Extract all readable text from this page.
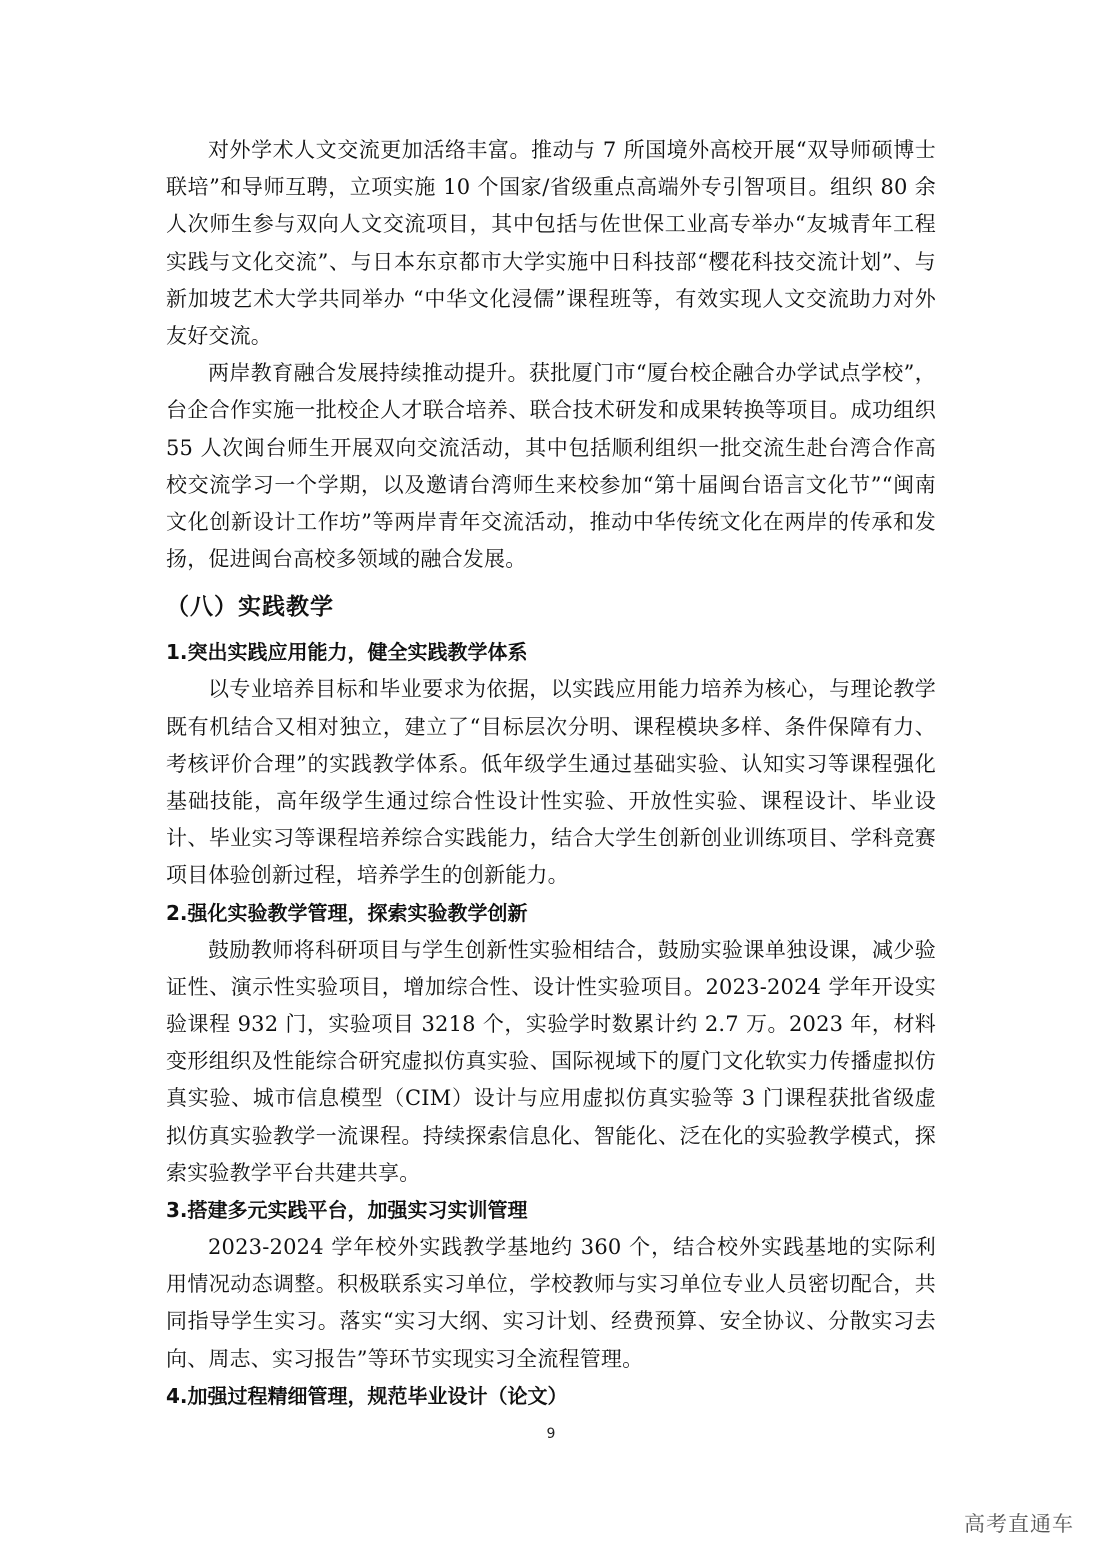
对外学术人文交流更加活络丰富。推动与 7 所国境外高校开展“双导师硕博士联培”和导师互聘，立项实施 10 个国家/省级重点高端外专引智项目。组织 80 余人次师生参与双向人文交流项目，其中包括与佐世保工业高专举办“友城青年工程实践与文化交流”、与日本东京都市大学实施中日科技部“樱花科技交流计划”、与新加坡艺术大学共同举办 “中华文化浸儒”课程班等，有效实现人文交流助力对外友好交流。

两岸教育融合发展持续推动提升。获批厦门市“厦台校企融合办学试点学校”，台企合作实施一批校企人才联合培养、联合技术研发和成果转换等项目。成功组织 55 人次闽台师生开展双向交流活动，其中包括顺利组织一批交流生赴台湾合作高校交流学习一个学期，以及邀请台湾师生来校参加“第十届闽台语言文化节”“闽南文化创新设计工作坊”等两岸青年交流活动，推动中华传统文化在两岸的传承和发扬，促进闽台高校多领域的融合发展。

（八）实践教学
1.突出实践应用能力，健全实践教学体系

以专业培养目标和毕业要求为依据，以实践应用能力培养为核心，与理论教学既有机结合又相对独立，建立了“目标层次分明、课程模块多样、条件保障有力、考核评价合理”的实践教学体系。低年级学生通过基础实验、认知实习等课程强化基础技能，高年级学生通过综合性设计性实验、开放性实验、课程设计、毕业设计、毕业实习等课程培养综合实践能力，结合大学生创新创业训练项目、学科竞赛项目体验创新过程，培养学生的创新能力。

2.强化实验教学管理，探索实验教学创新

鼓励教师将科研项目与学生创新性实验相结合，鼓励实验课单独设课，减少验证性、演示性实验项目，增加综合性、设计性实验项目。2023-2024 学年开设实验课程 932 门，实验项目 3218 个，实验学时数累计约 2.7 万。2023 年，材料变形组织及性能综合研究虚拟仿真实验、国际视域下的厦门文化软实力传播虚拟仿真实验、城市信息模型（CIM）设计与应用虚拟仿真实验等 3 门课程获批省级虚拟仿真实验教学一流课程。持续探索信息化、智能化、泛在化的实验教学模式，探索实验教学平台共建共享。

3.搭建多元实践平台，加强实习实训管理

2023-2024 学年校外实践教学基地约 360 个，结合校外实践基地的实际利用情况动态调整。积极联系实习单位，学校教师与实习单位专业人员密切配合，共同指导学生实习。落实“实习大纲、实习计划、经费预算、安全协议、分散实习去向、周志、实习报告”等环节实现实习全流程管理。

4.加强过程精细管理，规范毕业设计（论文）
9
高考直通车
